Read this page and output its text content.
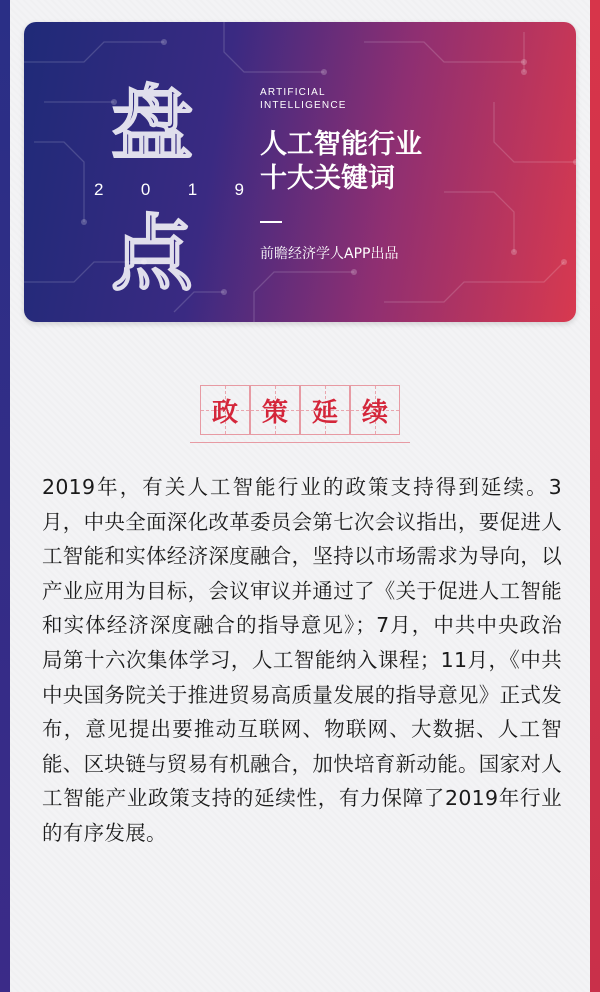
盘
2 0 1 9
点
ARTIFICIAL
INTELLIGENCE
人工智能行业
十大关键词
前瞻经济学人APP出品
政 策 延 续
2019年，有关人工智能行业的政策支持得到延续。3月，中央全面深化改革委员会第七次会议指出，要促进人工智能和实体经济深度融合，坚持以市场需求为导向，以产业应用为目标，会议审议并通过了《关于促进人工智能和实体经济深度融合的指导意见》；7月，中共中央政治局第十六次集体学习，人工智能纳入课程；11月，《中共中央国务院关于推进贸易高质量发展的指导意见》正式发布，意见提出要推动互联网、物联网、大数据、人工智能、区块链与贸易有机融合，加快培育新动能。国家对人工智能产业政策支持的延续性，有力保障了2019年行业的有序发展。
